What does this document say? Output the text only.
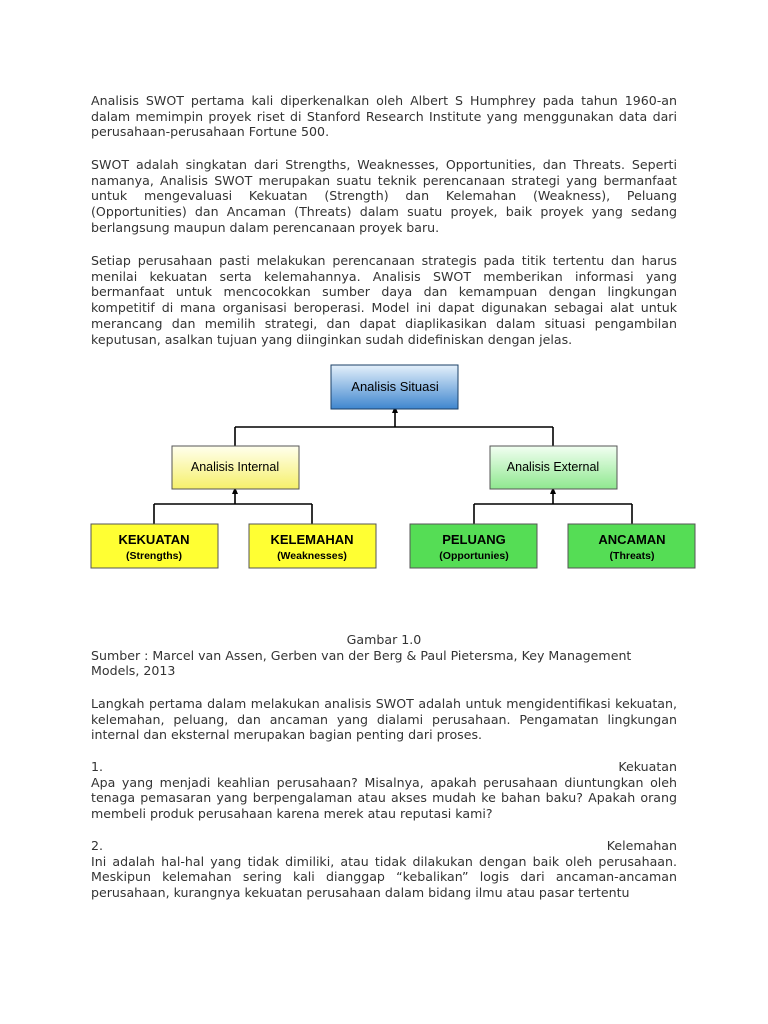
Analisis SWOT pertama kali diperkenalkan oleh Albert S Humphrey pada tahun 1960-an dalam memimpin proyek riset di Stanford Research Institute yang menggunakan data dari perusahaan-perusahaan Fortune 500.

SWOT adalah singkatan dari Strengths, Weaknesses, Opportunities, dan Threats. Seperti namanya, Analisis SWOT merupakan suatu teknik perencanaan strategi yang bermanfaat untuk mengevaluasi Kekuatan (Strength) dan Kelemahan (Weakness), Peluang (Opportunities) dan Ancaman (Threats) dalam suatu proyek, baik proyek yang sedang berlangsung maupun dalam perencanaan proyek baru.

Setiap perusahaan pasti melakukan perencanaan strategis pada titik tertentu dan harus menilai kekuatan serta kelemahannya. Analisis SWOT memberikan informasi yang bermanfaat untuk mencocokkan sumber daya dan kemampuan dengan lingkungan kompetitif di mana organisasi beroperasi. Model ini dapat digunakan sebagai alat untuk merancang dan memilih strategi, dan dapat diaplikasikan dalam situasi pengambilan keputusan, asalkan tujuan yang diinginkan sudah didefiniskan dengan jelas.

Analisis Situasi
Analisis Internal	Analisis External
KEKUATAN
(Strengths)
KELEMAHAN
(Weaknesses)
PELUANG
(Opportunies)
ANCAMAN
(Threats)
Gambar 1.0
Sumber : Marcel van Assen, Gerben van der Berg & Paul Pietersma, Key Management Models, 2013

Langkah pertama dalam melakukan analisis SWOT adalah untuk mengidentifikasi kekuatan, kelemahan, peluang, dan ancaman yang dialami perusahaan. Pengamatan lingkungan internal dan eksternal merupakan bagian penting dari proses.

1.	Kekuatan

Apa yang menjadi keahlian perusahaan? Misalnya, apakah perusahaan diuntungkan oleh tenaga pemasaran yang berpengalaman atau akses mudah ke bahan baku? Apakah orang membeli produk perusahaan karena merek atau reputasi kami?

2.	Kelemahan

Ini adalah hal-hal yang tidak dimiliki, atau tidak dilakukan dengan baik oleh perusahaan. Meskipun kelemahan sering kali dianggap “kebalikan” logis dari ancaman-ancaman perusahaan, kurangnya kekuatan perusahaan dalam bidang ilmu atau pasar tertentu
